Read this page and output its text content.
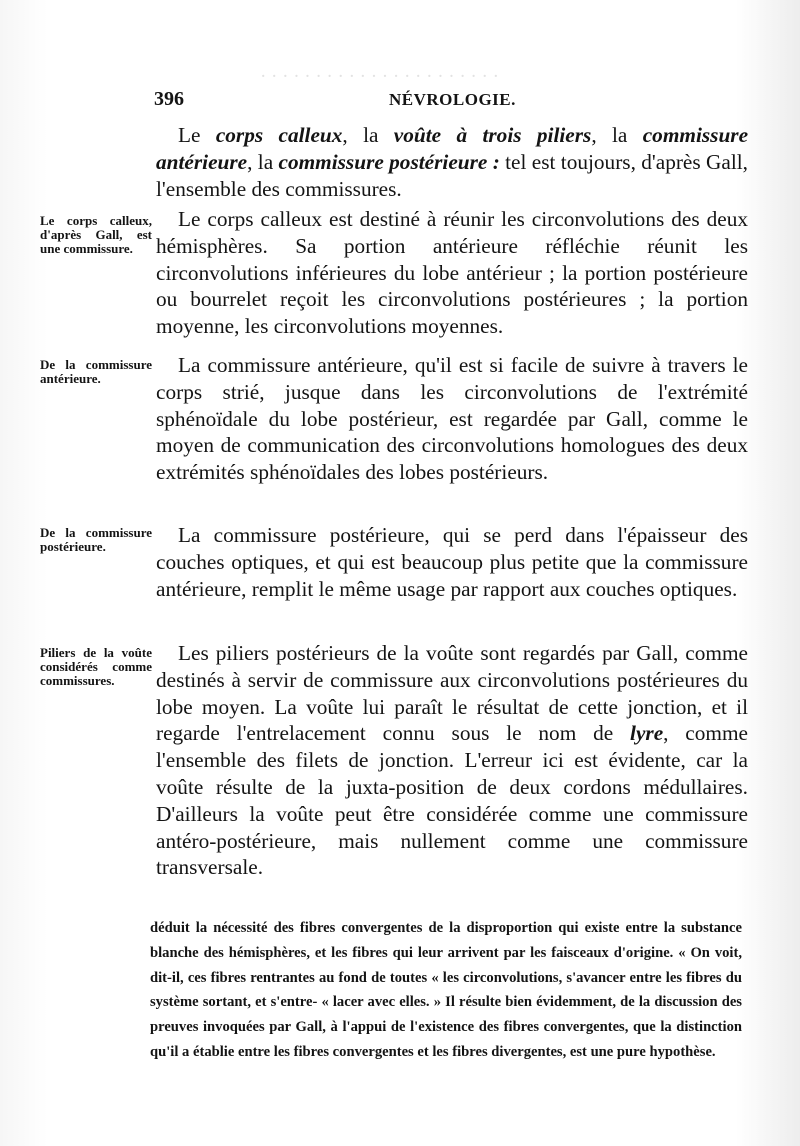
· · · · · · · · · · · · · · · · · · · · · ·
396	NÉVROLOGIE.
Le corps calleux, d'après Gall, est une commissure.
De la commissure antérieure.
De la commissure postérieure.
Piliers de la voûte considérés comme commissures.

Le corps calleux, la voûte à trois piliers, la commissure antérieure, la commissure postérieure : tel est toujours, d'après Gall, l'ensemble des commissures.

Le corps calleux est destiné à réunir les circonvolutions des deux hémisphères. Sa portion antérieure réfléchie réunit les circonvolutions inférieures du lobe antérieur ; la portion postérieure ou bourrelet reçoit les circonvolutions postérieures ; la portion moyenne, les circonvolutions moyennes.

La commissure antérieure, qu'il est si facile de suivre à travers le corps strié, jusque dans les circonvolutions de l'extrémité sphénoïdale du lobe postérieur, est regardée par Gall, comme le moyen de communication des circonvolutions homologues des deux extrémités sphénoïdales des lobes postérieurs.

La commissure postérieure, qui se perd dans l'épaisseur des couches optiques, et qui est beaucoup plus petite que la commissure antérieure, remplit le même usage par rapport aux couches optiques.

Les piliers postérieurs de la voûte sont regardés par Gall, comme destinés à servir de commissure aux circonvolutions postérieures du lobe moyen. La voûte lui paraît le résultat de cette jonction, et il regarde l'entrelacement connu sous le nom de lyre, comme l'ensemble des filets de jonction. L'erreur ici est évidente, car la voûte résulte de la juxta-position de deux cordons médullaires. D'ailleurs la voûte peut être considérée comme une commissure antéro-postérieure, mais nullement comme une commissure transversale.

déduit la nécessité des fibres convergentes de la disproportion qui existe entre la substance blanche des hémisphères, et les fibres qui leur arrivent par les faisceaux d'origine. « On voit, dit-il, ces fibres rentrantes au fond de toutes « les circonvolutions, s'avancer entre les fibres du système sortant, et s'entre- « lacer avec elles. » Il résulte bien évidemment, de la discussion des preuves invoquées par Gall, à l'appui de l'existence des fibres convergentes, que la distinction qu'il a établie entre les fibres convergentes et les fibres divergentes, est une pure hypothèse.
